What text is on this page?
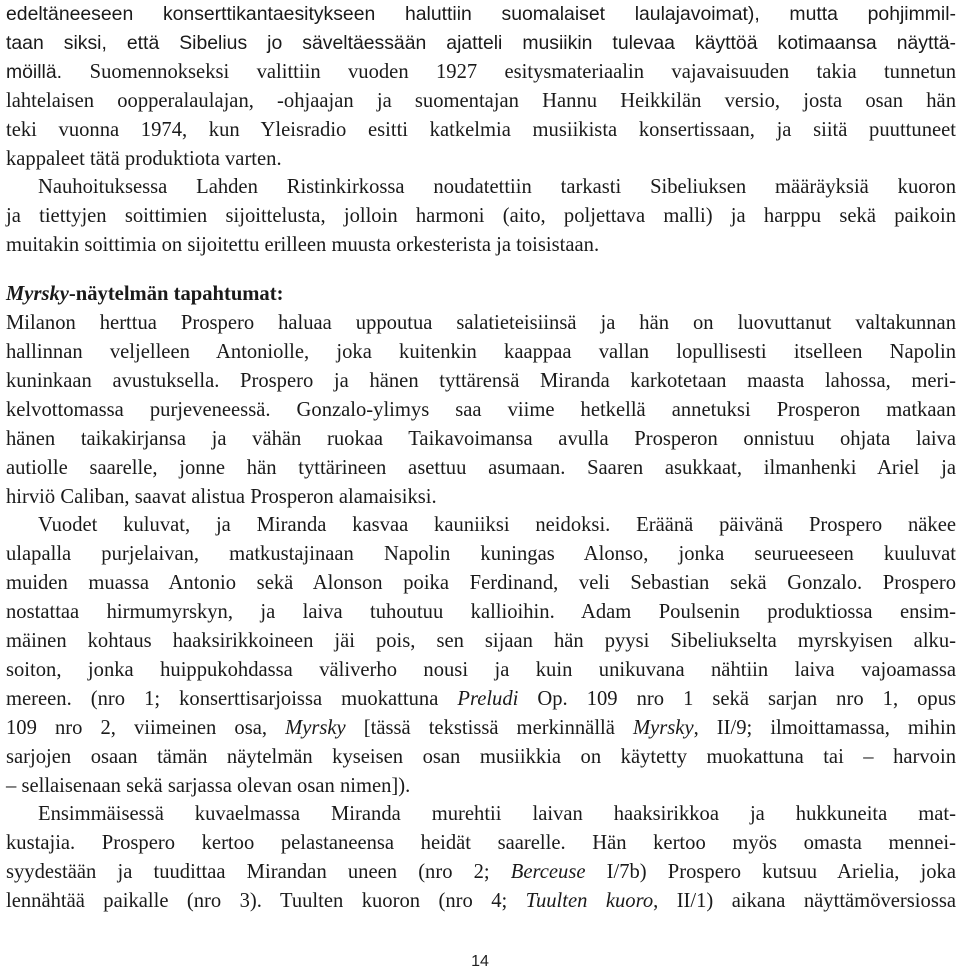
edeltäneeseen konserttikantaesitykseen haluttiin suomalaiset laulajavoimat), mutta pohjimmil-
taan siksi, että Sibelius jo säveltäessään ajatteli musiikin tulevaa käyttöä kotimaansa näyttä-
möillä. Suomennokseksi valittiin vuoden 1927 esitysmateriaalin vajavaisuuden takia tunnetun
lahtelaisen oopperalaulajan, -ohjaajan ja suomentajan Hannu Heikkilän versio, josta osan hän
teki vuonna 1974, kun Yleisradio esitti katkelmia musiikista konsertissaan, ja siitä puuttuneet
kappaleet tätä produktiota varten.
Nauhoituksessa Lahden Ristinkirkossa noudatettiin tarkasti Sibeliuksen määräyksiä kuoron
ja tiettyjen soittimien sijoittelusta, jolloin harmoni (aito, poljettava malli) ja harppu sekä paikoin
muitakin soittimia on sijoitettu erilleen muusta orkesterista ja toisistaan.
Myrsky-näytelmän tapahtumat:
Milanon herttua Prospero haluaa uppoutua salatieteisiinsä ja hän on luovuttanut valtakunnan
hallinnan veljelleen Antoniolle, joka kuitenkin kaappaa vallan lopullisesti itselleen Napolin
kuninkaan avustuksella. Prospero ja hänen tyttärensä Miranda karkotetaan maasta lahossa, meri-
kelvottomassa purjeveneessä. Gonzalo-ylimys saa viime hetkellä annetuksi Prosperon matkaan
hänen taikakirjansa ja vähän ruokaa Taikavoimansa avulla Prosperon onnistuu ohjata laiva
autiolle saarelle, jonne hän tyttärineen asettuu asumaan. Saaren asukkaat, ilmanhenki Ariel ja
hirviö Caliban, saavat alistua Prosperon alamaisiksi.
Vuodet kuluvat, ja Miranda kasvaa kauniiksi neidoksi. Eräänä päivänä Prospero näkee
ulapalla purjelaivan, matkustajinaan Napolin kuningas Alonso, jonka seurueeseen kuuluvat
muiden muassa Antonio sekä Alonson poika Ferdinand, veli Sebastian sekä Gonzalo. Prospero
nostattaa hirmumyrskyn, ja laiva tuhoutuu kallioihin. Adam Poulsenin produktiossa ensim-
mäinen kohtaus haaksirikkoineen jäi pois, sen sijaan hän pyysi Sibeliukselta myrskyisen alku-
soiton, jonka huippukohdassa väliverho nousi ja kuin unikuvana nähtiin laiva vajoamassa
mereen. (nro 1; konserttisarjoissa muokattuna Preludi Op. 109 nro 1 sekä sarjan nro 1, opus
109 nro 2, viimeinen osa, Myrsky [tässä tekstissä merkinnällä Myrsky, II/9; ilmoittamassa, mihin
sarjojen osaan tämän näytelmän kyseisen osan musiikkia on käytetty muokattuna tai – harvoin
– sellaisenaan sekä sarjassa olevan osan nimen]).
Ensimmäisessä kuvaelmassa Miranda murehtii laivan haaksirikkoa ja hukkuneita mat-
kustajia. Prospero kertoo pelastaneensa heidät saarelle. Hän kertoo myös omasta mennei-
syydestään ja tuudittaa Mirandan uneen (nro 2; Berceuse I/7b) Prospero kutsuu Arielia, joka
lennähtää paikalle (nro 3). Tuulten kuoron (nro 4; Tuulten kuoro, II/1) aikana näyttämöversiossa
14
